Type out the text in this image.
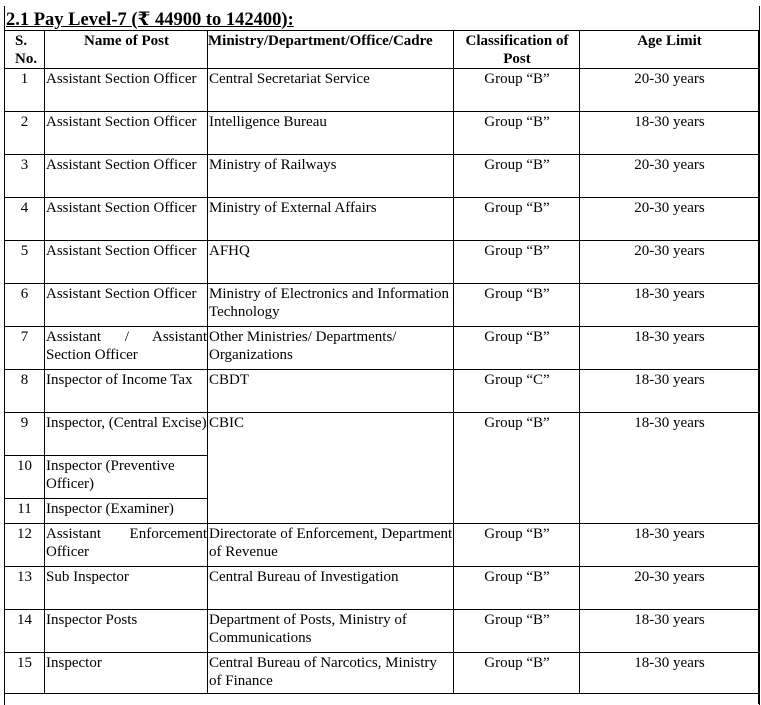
2.1 Pay Level-7 (₹ 44900 to 142400):
S. No.	Name of Post	Ministry/Department/Office/Cadre	Classification of Post	Age Limit
1	Assistant Section Officer	Central Secretariat Service	Group “B”	20-30 years
2	Assistant Section Officer	Intelligence Bureau	Group “B”	18-30 years
3	Assistant Section Officer	Ministry of Railways	Group “B”	20-30 years
4	Assistant Section Officer	Ministry of External Affairs	Group “B”	20-30 years
5	Assistant Section Officer	AFHQ	Group “B”	20-30 years
6	Assistant Section Officer	Ministry of Electronics and Information Technology	Group “B”	18-30 years
7	Assistant / Assistant Section Officer	Other Ministries/ Departments/ Organizations	Group “B”	18-30 years
8	Inspector of Income Tax	CBDT	Group “C”	18-30 years
9	Inspector, (Central Excise)	CBIC	Group “B”	18-30 years
10	Inspector (Preventive Officer)			
11	Inspector (Examiner)			
12	Assistant Enforcement Officer	Directorate of Enforcement, Department of Revenue	Group “B”	18-30 years
13	Sub Inspector	Central Bureau of Investigation	Group “B”	20-30 years
14	Inspector Posts	Department of Posts, Ministry of Communications	Group “B”	18-30 years
15	Inspector	Central Bureau of Narcotics, Ministry of Finance	Group “B”	18-30 years
